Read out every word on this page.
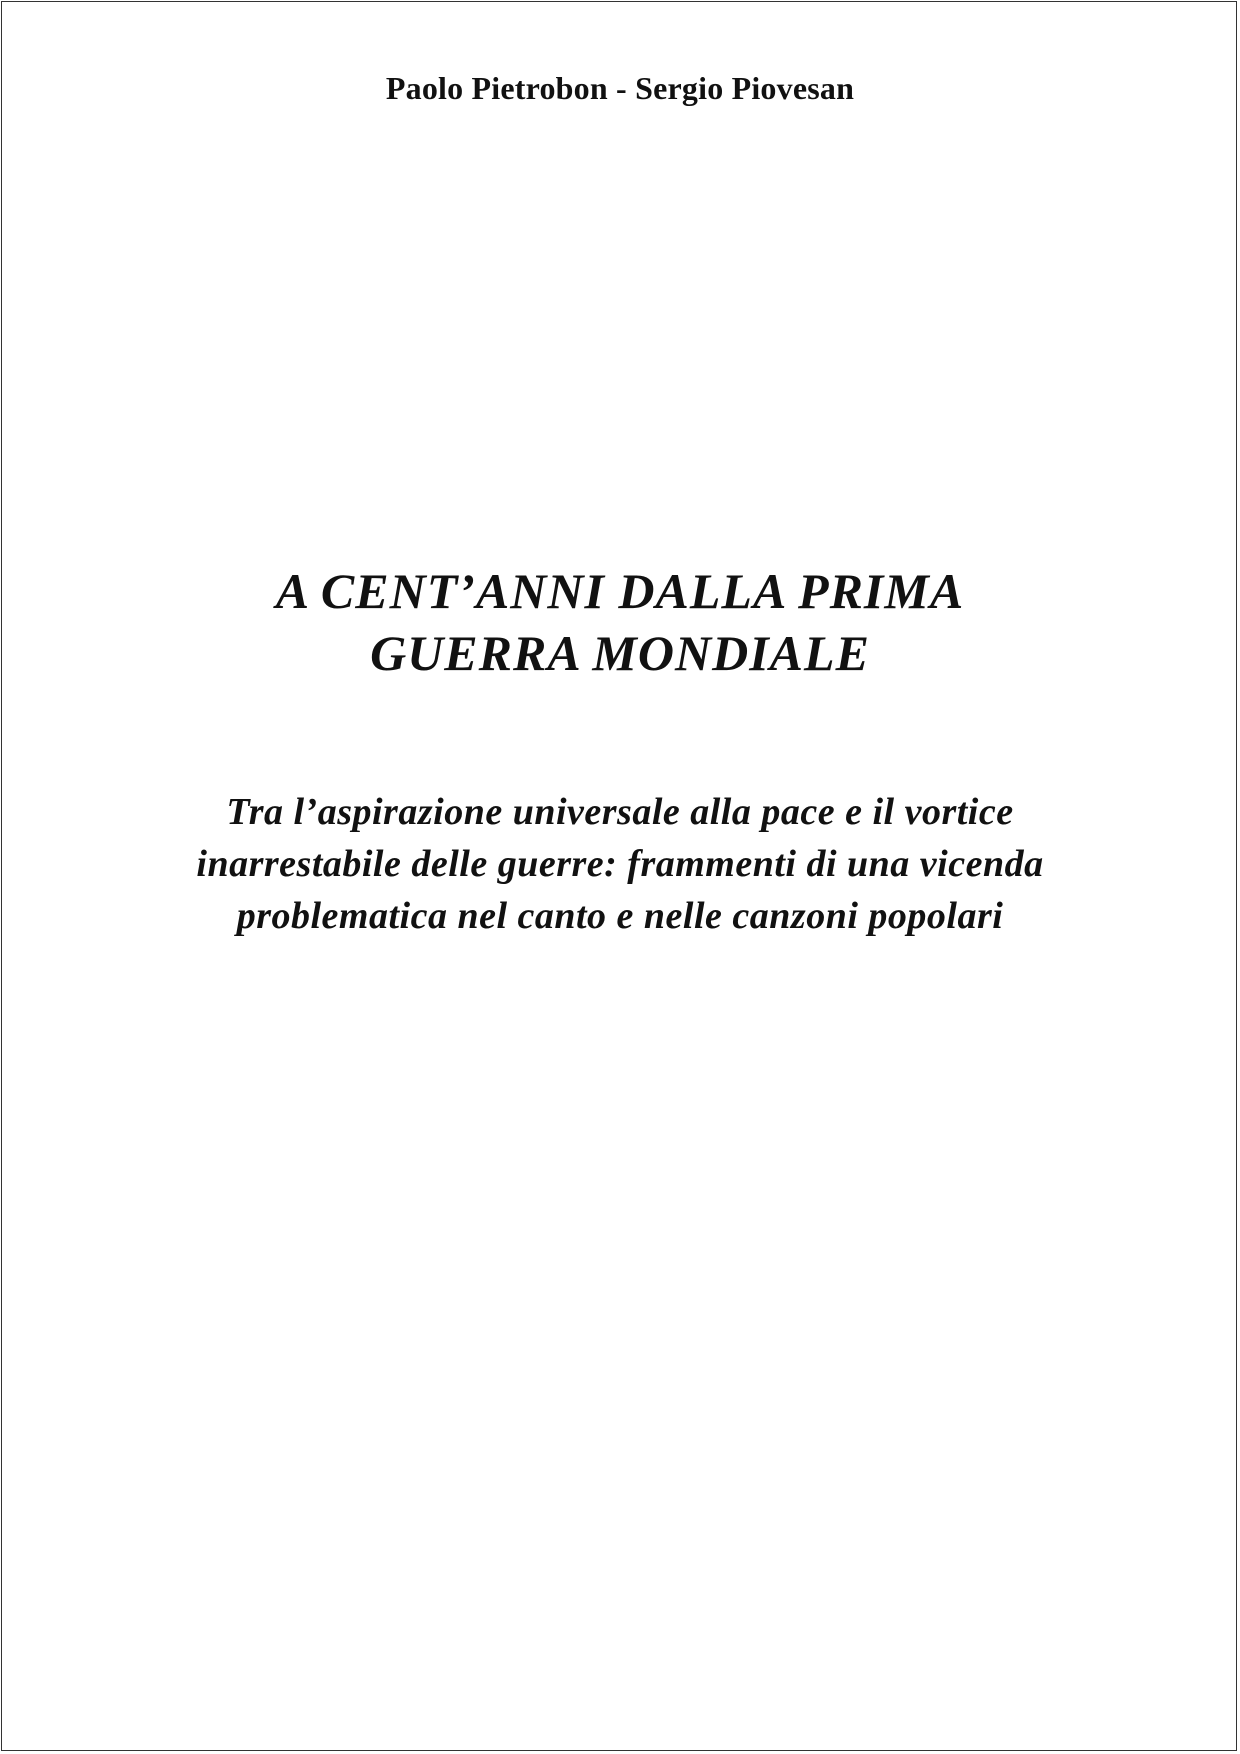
Paolo Pietrobon - Sergio Piovesan
A CENT’ANNI DALLA PRIMA
GUERRA MONDIALE
Tra l’aspirazione universale alla pace e il vortice
inarrestabile delle guerre: frammenti di una vicenda
problematica nel canto e nelle canzoni popolari
